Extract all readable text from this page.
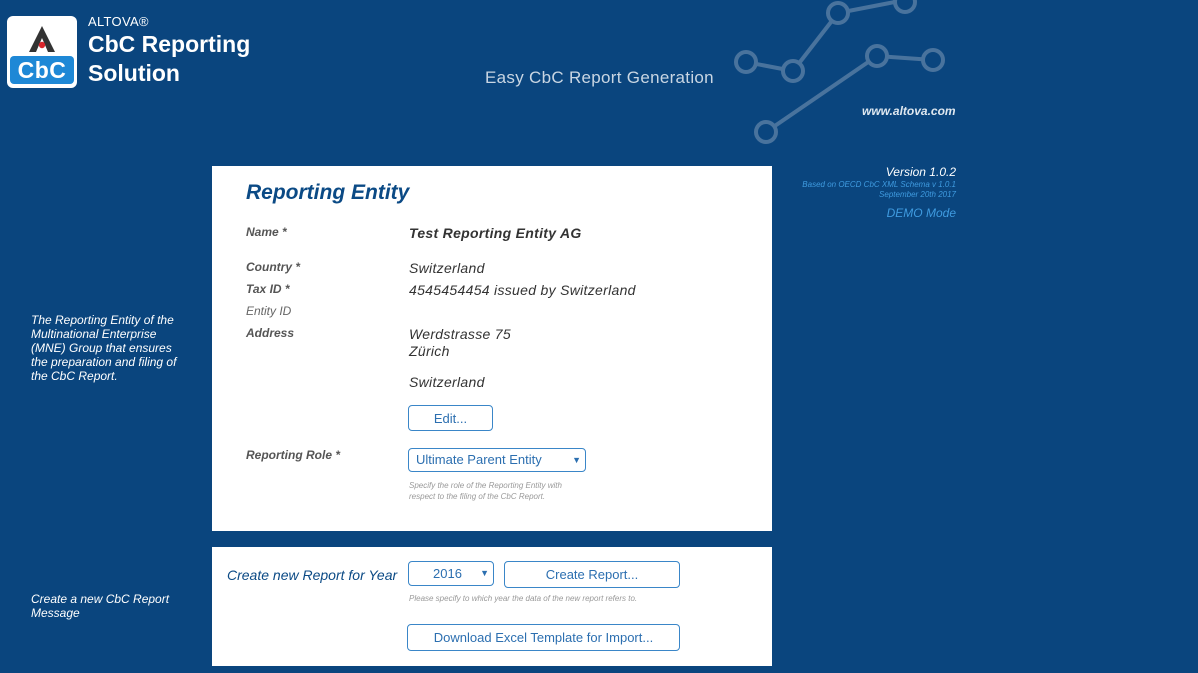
CbC
ALTOVA®
CbC Reporting
Solution	Easy CbC Report Generation
www.altova.com
Version 1.0.2
Based on OECD CbC XML Schema v 1.0.1
September 20th 2017
DEMO Mode
The Reporting Entity of the Multinational Enterprise (MNE) Group that ensures the preparation and filing of the CbC Report.
Create a new CbC Report Message
Reporting Entity
Name *	Test Reporting Entity AG
Country *	Switzerland
Tax ID *	4545454454 issued by Switzerland
Entity ID
Address	Werdstrasse 75
Zürich
Switzerland
Edit...
Reporting Role *	Ultimate Parent Entity	▼
Specify the role of the Reporting Entity with respect to the filing of the CbC Report.
Create new Report for Year	2016 ▼	Create Report...
Please specify to which year the data of the new report refers to.
Download Excel Template for Import...
